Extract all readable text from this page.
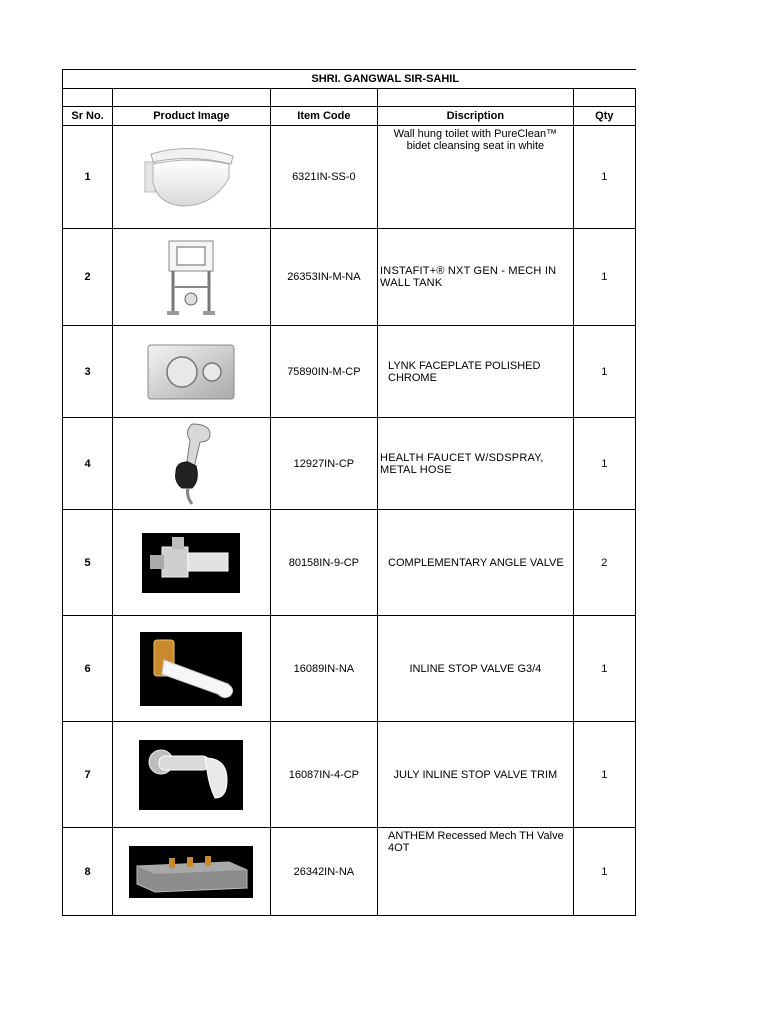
SHRI. GANGWAL SIR-SAHIL				

Sr No.	Product Image	Item Code	Discription	Qty
1		6321IN-SS-0	Wall hung toilet with PureClean™ bidet cleansing seat in white	1
2		26353IN-M-NA	INSTAFIT+® NXT GEN - MECH IN WALL TANK	1
3		75890IN-M-CP	LYNK FACEPLATE POLISHED CHROME	1
4		12927IN-CP	HEALTH FAUCET W/SDSPRAY, METAL HOSE	1
5		80158IN-9-CP	COMPLEMENTARY ANGLE VALVE	2
6		16089IN-NA	INLINE STOP VALVE G3/4	1
7		16087IN-4-CP	JULY INLINE STOP VALVE TRIM	1
8		26342IN-NA	ANTHEM Recessed Mech TH Valve 4OT	1
